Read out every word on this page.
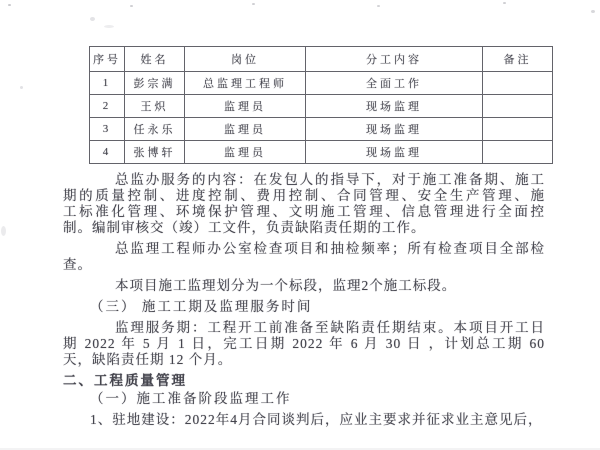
序号	姓名	岗位	分工内容	备注
1	彭宗满	总监理工程师	全面工作	
2	王炽	监理员	现场监理	
3	任永乐	监理员	现场监理	
4	张博轩	监理员	现场监理	
总监办服务的内容：在发包人的指导下，对于施工准备期、施工
期的质量控制、进度控制、费用控制、合同管理、安全生产管理、施
工标准化管理、环境保护管理、文明施工管理、信息管理进行全面控
制。编制审核交（竣）工文件，负责缺陷责任期的工作。
总监理工程师办公室检查项目和抽检频率；所有检查项目全部检
查。
本项目施工监理划分为一个标段，监理2个施工标段。
（三） 施工工期及监理服务时间
监理服务期：工程开工前准备至缺陷责任期结束。本项目开工日
期 2022 年 5 月 1 日，完工日期 2022 年 6 月 30 日 ，计划总工期 60
天，缺陷责任期 12 个月。
二、工程质量管理
（一）施工准备阶段监理工作
1、驻地建设：2022年4月合同谈判后，应业主要求并征求业主意见后，
